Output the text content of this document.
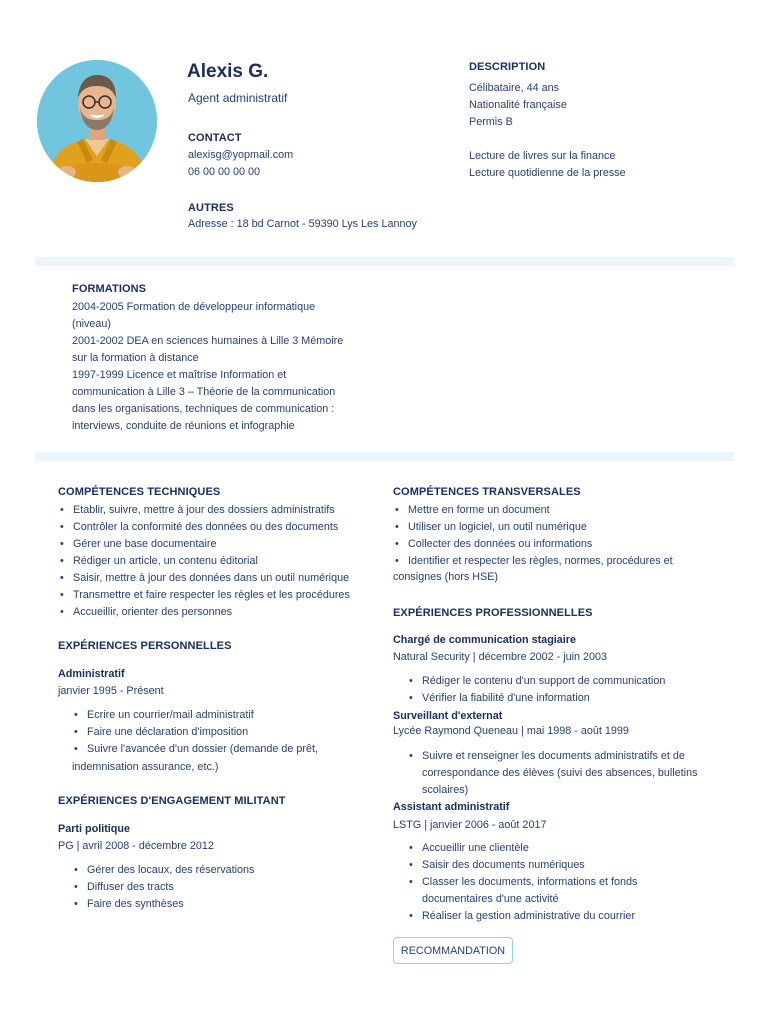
Alexis G.
Agent administratif
CONTACT
alexisg@yopmail.com
06 00 00 00 00
AUTRES
Adresse : 18 bd Carnot - 59390 Lys Les Lannoy
DESCRIPTION
Célibataire, 44 ans
Nationalité française
Permis B
Lecture de livres sur la finance
Lecture quotidienne de la presse
FORMATIONS
2004-2005 Formation de développeur informatique
(niveau)
2001-2002 DEA en sciences humaines à Lille 3 Mémoire
sur la formation à distance
1997-1999 Licence et maîtrise Information et
communication à Lille 3 – Théorie de la communication
dans les organisations, techniques de communication :
interviews, conduite de réunions et infographie
COMPÉTENCES TECHNIQUES
• Etablir, suivre, mettre à jour des dossiers administratifs
• Contrôler la conformité des données ou des documents
• Gérer une base documentaire
• Rédiger un article, un contenu éditorial
• Saisir, mettre à jour des données dans un outil numérique
• Transmettre et faire respecter les règles et les procédures
• Accueillir, orienter des personnes
EXPÉRIENCES PERSONNELLES
Administratif
janvier 1995 - Présent
• Ecrire un courrier/mail administratif
• Faire une déclaration d'imposition
• Suivre l'avancée d'un dossier (demande de prêt,
indemnisation assurance, etc.)
EXPÉRIENCES D'ENGAGEMENT MILITANT
Parti politique
PG | avril 2008 - décembre 2012
• Gérer des locaux, des réservations
• Diffuser des tracts
• Faire des synthèses
COMPÉTENCES TRANSVERSALES
• Mettre en forme un document
• Utiliser un logiciel, un outil numérique
• Collecter des données ou informations
• Identifier et respecter les règles, normes, procédures et
consignes (hors HSE)
EXPÉRIENCES PROFESSIONNELLES
Chargé de communication stagiaire
Natural Security | décembre 2002 - juin 2003
• Rédiger le contenu d'un support de communication
• Vérifier la fiabilité d'une information
Surveillant d'externat
Lycée Raymond Queneau | mai 1998 - août 1999
• Suivre et renseigner les documents administratifs et de correspondance des élèves (suivi des absences, bulletins scolaires)
Assistant administratif
LSTG | janvier 2006 - août 2017
• Accueillir une clientèle
• Saisir des documents numériques
• Classer les documents, informations et fonds documentaires d'une activité
• Réaliser la gestion administrative du courrier
RECOMMANDATION
